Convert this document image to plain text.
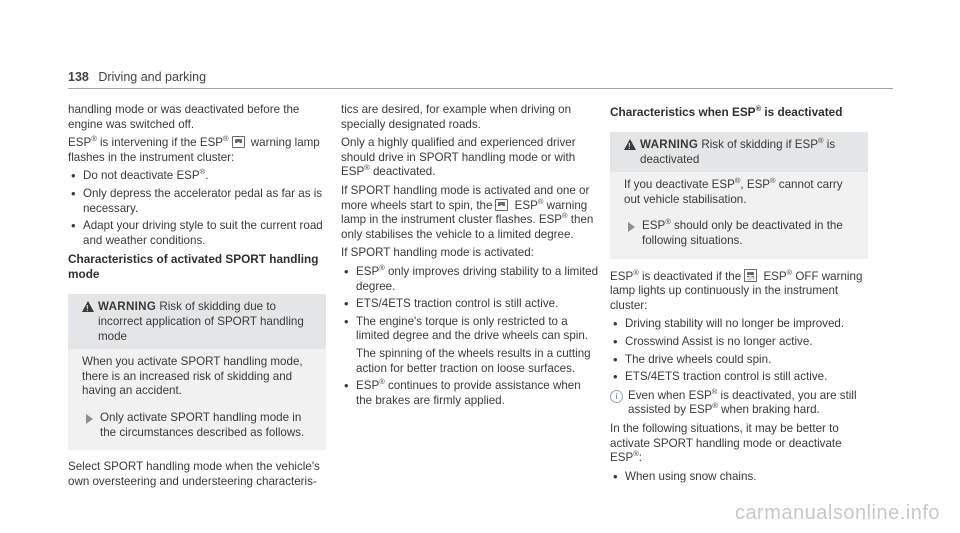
138 Driving and parking

handling mode or was deactivated before the engine was switched off.

ESP® is intervening if the ESP® warning lamp flashes in the instrument cluster:

• Do not deactivate ESP®.
• Only depress the accelerator pedal as far as is necessary.
• Adapt your driving style to suit the current road and weather conditions.
Characteristics of activated SPORT handling mode
!
WARNING Risk of skidding due to incorrect application of SPORT handling mode

When you activate SPORT handling mode, there is an increased risk of skidding and having an accident.

Only activate SPORT handling mode in the circumstances described as follows.

Select SPORT handling mode when the vehicle's own oversteering and understeering characteris-

tics are desired, for example when driving on specially designated roads.

Only a highly qualified and experienced driver should drive in SPORT handling mode or with ESP® deactivated.

If SPORT handling mode is activated and one or more wheels start to spin, the ESP® warning lamp in the instrument cluster flashes. ESP® then only stabilises the vehicle to a limited degree.

If SPORT handling mode is activated:

• ESP® only improves driving stability to a limited degree.
• ETS/4ETS traction control is still active.
• The engine's torque is only restricted to a limited degree and the drive wheels can spin.
The spinning of the wheels results in a cutting action for better traction on loose surfaces.
• ESP® continues to provide assistance when the brakes are firmly applied.
Characteristics when ESP® is deactivated
!
WARNING Risk of skidding if ESP® is deactivated

If you deactivate ESP®, ESP® cannot carry out vehicle stabilisation.

ESP® should only be deactivated in the following situations.

ESP® is deactivated if the OFF ESP® OFF warning lamp lights up continuously in the instrument cluster:

• Driving stability will no longer be improved.
• Crosswind Assist is no longer active.
• The drive wheels could spin.
• ETS/4ETS traction control is still active.
i Even when ESP® is deactivated, you are still assisted by ESP® when braking hard.

In the following situations, it may be better to activate SPORT handling mode or deactivate ESP®:

• When using snow chains.
carmanualsonline.info
